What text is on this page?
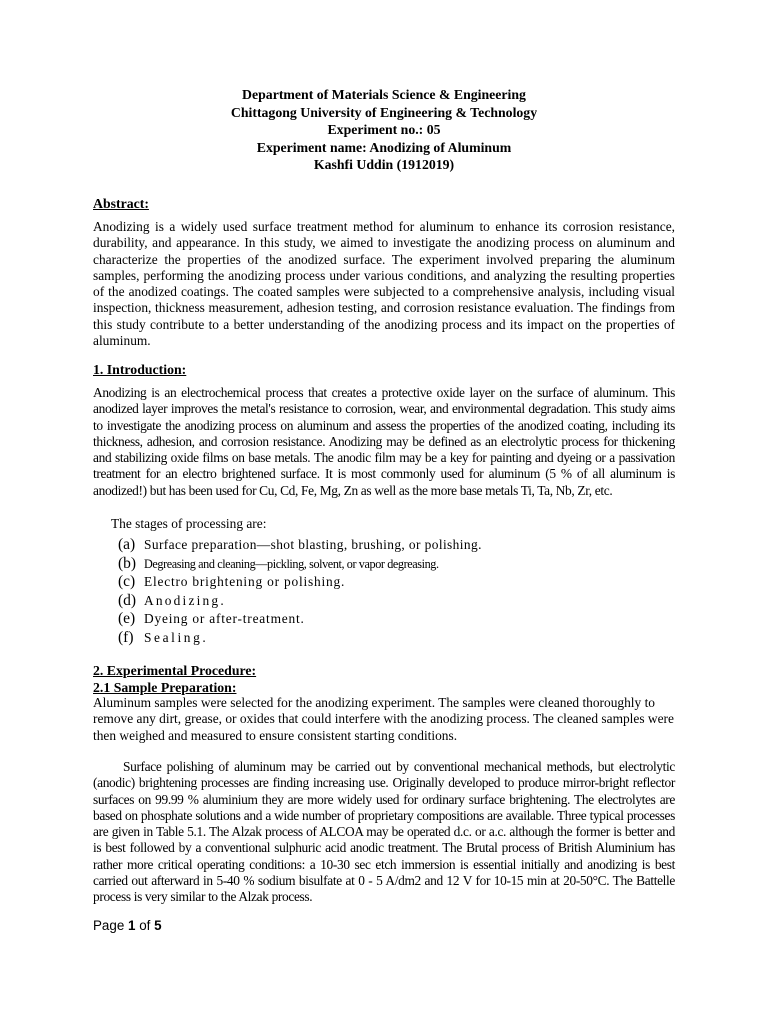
Department of Materials Science & Engineering
Chittagong University of Engineering & Technology
Experiment no.: 05
Experiment name: Anodizing of Aluminum
Kashfi Uddin (1912019)
Abstract:
Anodizing is a widely used surface treatment method for aluminum to enhance its corrosion resistance, durability, and appearance. In this study, we aimed to investigate the anodizing process on aluminum and characterize the properties of the anodized surface. The experiment involved preparing the aluminum samples, performing the anodizing process under various conditions, and analyzing the resulting properties of the anodized coatings. The coated samples were subjected to a comprehensive analysis, including visual inspection, thickness measurement, adhesion testing, and corrosion resistance evaluation. The findings from this study contribute to a better understanding of the anodizing process and its impact on the properties of aluminum.
1. Introduction:
Anodizing is an electrochemical process that creates a protective oxide layer on the surface of aluminum. This anodized layer improves the metal's resistance to corrosion, wear, and environmental degradation. This study aims to investigate the anodizing process on aluminum and assess the properties of the anodized coating, including its thickness, adhesion, and corrosion resistance. Anodizing may be defined as an electrolytic process for thickening and stabilizing oxide films on base metals. The anodic film may be a key for painting and dyeing or a passivation treatment for an electro brightened surface. It is most commonly used for aluminum (5 % of all aluminum is anodized!) but has been used for Cu, Cd, Fe, Mg, Zn as well as the more base metals Ti, Ta, Nb, Zr, etc.
The stages of processing are:
(a) Surface preparation—shot blasting, brushing, or polishing.
(b) Degreasing and cleaning—pickling, solvent, or vapor degreasing.
(c) Electro brightening or polishing.
(d) Anodizing.
(e) Dyeing or after-treatment.
(f) Sealing.
2. Experimental Procedure:
2.1 Sample Preparation:
Aluminum samples were selected for the anodizing experiment. The samples were cleaned thoroughly to remove any dirt, grease, or oxides that could interfere with the anodizing process. The cleaned samples were then weighed and measured to ensure consistent starting conditions.
Surface polishing of aluminum may be carried out by conventional mechanical methods, but electrolytic (anodic) brightening processes are finding increasing use. Originally developed to produce mirror-bright reflector surfaces on 99.99 % aluminium they are more widely used for ordinary surface brightening. The electrolytes are based on phosphate solutions and a wide number of proprietary compositions are available. Three typical processes are given in Table 5.1. The Alzak process of ALCOA may be operated d.c. or a.c. although the former is better and is best followed by a conventional sulphuric acid anodic treatment. The Brutal process of British Aluminium has rather more critical operating conditions: a 10-30 sec etch immersion is essential initially and anodizing is best carried out afterward in 5-40 % sodium bisulfate at 0 - 5 A/dm2 and 12 V for 10-15 min at 20-50°C. The Battelle process is very similar to the Alzak process.
Page 1 of 5
